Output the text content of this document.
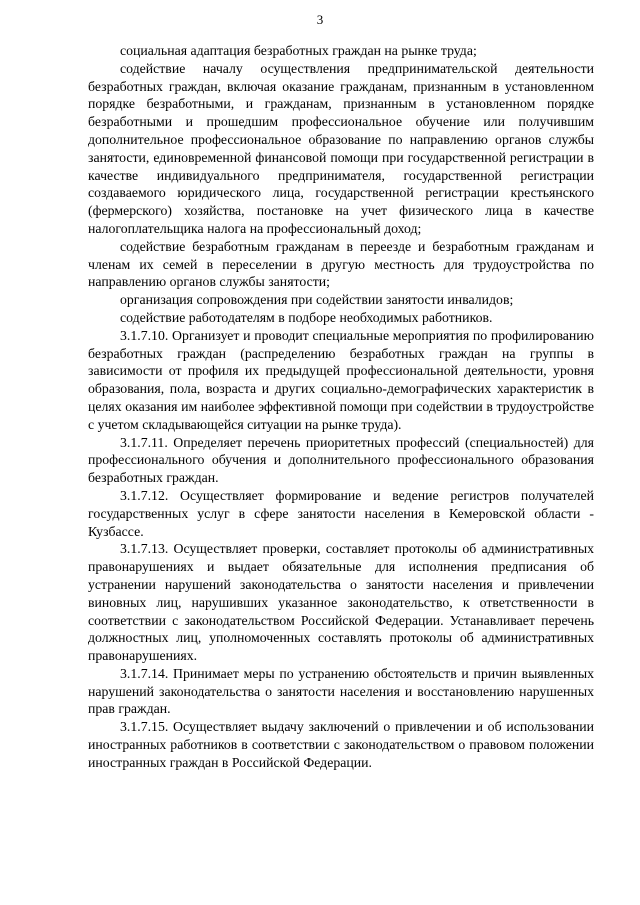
3

социальная адаптация безработных граждан на рынке труда;

содействие началу осуществления предпринимательской деятельности безработных граждан, включая оказание гражданам, признанным в установленном порядке безработными, и гражданам, признанным в установленном порядке безработными и прошедшим профессиональное обучение или получившим дополнительное профессиональное образование по направлению органов службы занятости, единовременной финансовой помощи при государственной регистрации в качестве индивидуального предпринимателя, государственной регистрации создаваемого юридического лица, государственной регистрации крестьянского (фермерского) хозяйства, постановке на учет физического лица в качестве налогоплательщика налога на профессиональный доход;

содействие безработным гражданам в переезде и безработным гражданам и членам их семей в переселении в другую местность для трудоустройства по направлению органов службы занятости;

организация сопровождения при содействии занятости инвалидов;

содействие работодателям в подборе необходимых работников.

3.1.7.10. Организует и проводит специальные мероприятия по профилированию безработных граждан (распределению безработных граждан на группы в зависимости от профиля их предыдущей профессиональной деятельности, уровня образования, пола, возраста и других социально-демографических характеристик в целях оказания им наиболее эффективной помощи при содействии в трудоустройстве с учетом складывающейся ситуации на рынке труда).

3.1.7.11. Определяет перечень приоритетных профессий (специальностей) для профессионального обучения и дополнительного профессионального образования безработных граждан.

3.1.7.12. Осуществляет формирование и ведение регистров получателей государственных услуг в сфере занятости населения в Кемеровской области - Кузбассе.

3.1.7.13. Осуществляет проверки, составляет протоколы об административных правонарушениях и выдает обязательные для исполнения предписания об устранении нарушений законодательства о занятости населения и привлечении виновных лиц, нарушивших указанное законодательство, к ответственности в соответствии с законодательством Российской Федерации. Устанавливает перечень должностных лиц, уполномоченных составлять протоколы об административных правонарушениях.

3.1.7.14. Принимает меры по устранению обстоятельств и причин выявленных нарушений законодательства о занятости населения и восстановлению нарушенных прав граждан.

3.1.7.15. Осуществляет выдачу заключений о привлечении и об использовании иностранных работников в соответствии с законодательством о правовом положении иностранных граждан в Российской Федерации.
